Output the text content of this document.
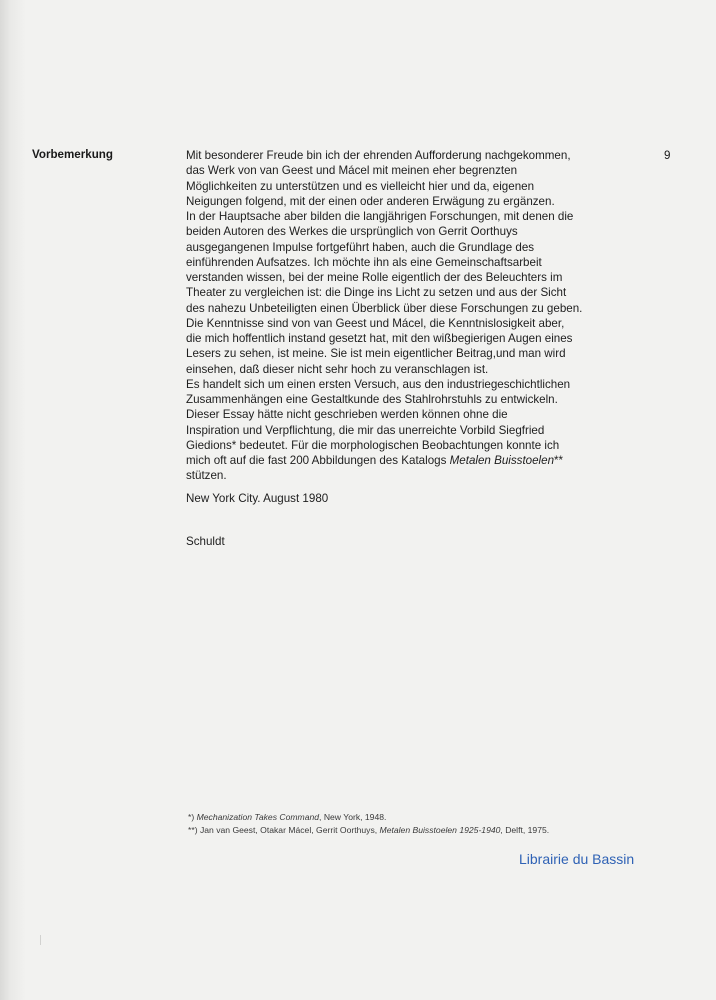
Vorbemerkung	9
Mit besonderer Freude bin ich der ehrenden Aufforderung nachgekommen,
das Werk von van Geest und Mácel mit meinen eher begrenzten
Möglichkeiten zu unterstützen und es vielleicht hier und da, eigenen
Neigungen folgend, mit der einen oder anderen Erwägung zu ergänzen.
In der Hauptsache aber bilden die langjährigen Forschungen, mit denen die
beiden Autoren des Werkes die ursprünglich von Gerrit Oorthuys
ausgegangenen Impulse fortgeführt haben, auch die Grundlage des
einführenden Aufsatzes. Ich möchte ihn als eine Gemeinschaftsarbeit
verstanden wissen, bei der meine Rolle eigentlich der des Beleuchters im
Theater zu vergleichen ist: die Dinge ins Licht zu setzen und aus der Sicht
des nahezu Unbeteiligten einen Überblick über diese Forschungen zu geben.
Die Kenntnisse sind von van Geest und Mácel, die Kenntnislosigkeit aber,
die mich hoffentlich instand gesetzt hat, mit den wißbegierigen Augen eines
Lesers zu sehen, ist meine. Sie ist mein eigentlicher Beitrag,und man wird
einsehen, daß dieser nicht sehr hoch zu veranschlagen ist.
Es handelt sich um einen ersten Versuch, aus den industriegeschichtlichen
Zusammenhängen eine Gestaltkunde des Stahlrohrstuhls zu entwickeln.
Dieser Essay hätte nicht geschrieben werden können ohne die
Inspiration und Verpflichtung, die mir das unerreichte Vorbild Siegfried
Giedions* bedeutet. Für die morphologischen Beobachtungen konnte ich
mich oft auf die fast 200 Abbildungen des Katalogs Metalen Buisstoelen**
stützen.
New York City. August 1980
Schuldt
*) Mechanization Takes Command, New York, 1948.
**) Jan van Geest, Otakar Mácel, Gerrit Oorthuys, Metalen Buisstoelen 1925-1940, Delft, 1975.
Librairie du Bassin
